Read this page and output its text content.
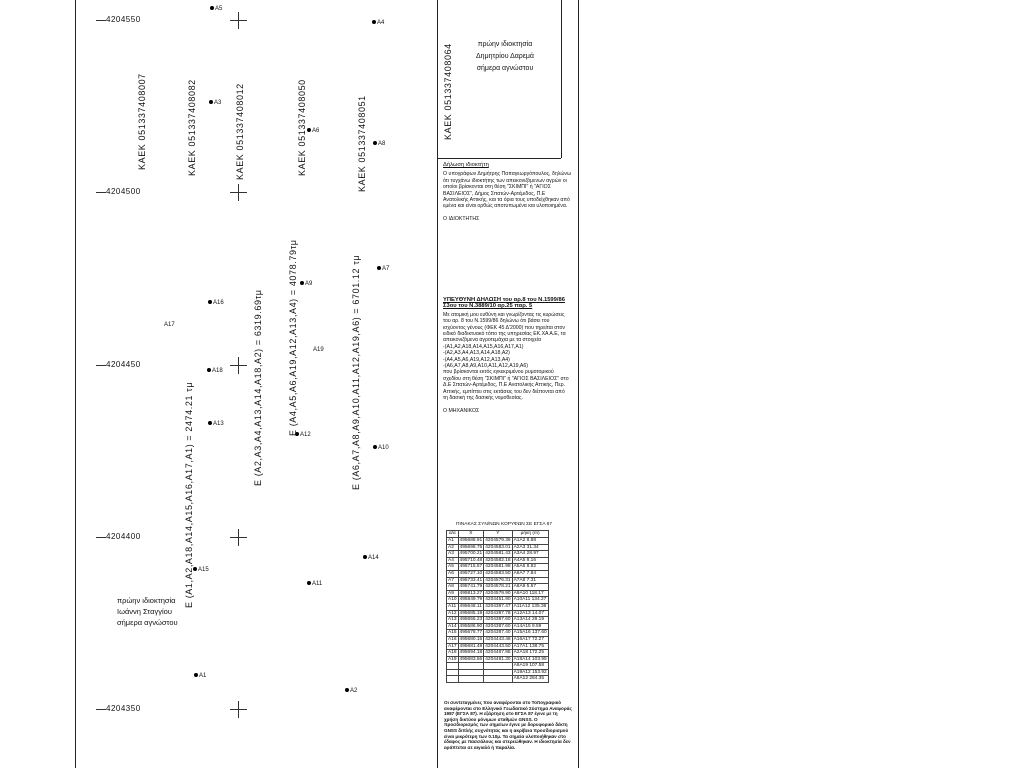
4204550
4204500
4204450
4204400
4204350
Α5
Α4
Α3
Α6
Α8
Α7
Α9
Α17
Α16
Α19
Α18
Α13
Α12
Α10
Α15
Α14
Α11
Α1
Α2
ΚΑΕΚ 051337408007	ΚΑΕΚ 051337408082	ΚΑΕΚ 051337408012	ΚΑΕΚ 051337408050	ΚΑΕΚ 051337408051
ΚΑΕΚ 051337408064
Ε (Α1,Α2,Α18,Α14,Α15,Α16,Α17,Α1) = 2474.21 τμ	Ε (Α2,Α3,Α4,Α13,Α14,Α18,Α2) = 6319.69τμ	Ε (Α4,Α5,Α6,Α19,Α12,Α13,Α4) = 4078.79τμ	Ε (Α6,Α7,Α8,Α9,Α10,Α11,Α12,Α19,Α6) = 6701.12 τμ
πρώην ιδιοκτησία
Ιωάννη Σταγγίου
σήμερα αγνώστου
πρώην ιδιοκτησία
Δημητρίου Δαρεμά
σήμερα αγνώστου
Δήλωση ιδιοκτήτη
Ο υπογράφων Δημήτρης Παπαγεωργόπουλος, δηλώνω ότι τυγχάνω ιδιοκτήτης των απεικονιζόμενων αγρών οι οποίοι βρίσκονται στη θέση "ΣΚΙΜΠΙ" ή "ΑΓΙΟΣ ΒΑΣΙΛΕΙΟΣ", Δήμος Σπατών-Αρτέμιδος, Π.Ε Ανατολικής Αττικής, και τα όρια τους υποδείχθηκαν από εμένα και είναι ορθώς αποτυπωμένα και υλοποιημένα.
Ο ΙΔΙΟΚΤΗΤΗΣ
ΥΠΕΥΘΥΝΗ ΔΗΛΩΣΗ του αρ.8 του Ν.1599/86 Σ3ου του Ν.3889/10 αρ.25 παρ. 5
Με ατομική μου ευθύνη και γνωρίζοντας τις κυρώσεις του αρ. 8 του Ν.1599/86 δηλώνω ότι βάσει του ισχύοντος γένους (ΦΕΚ 45 Δ'2000) που τηρείται στον ειδικό διαδικτυακό τόπο της υπηρεσίας ΕΚ.ΧΑ Α.Ε, τα απεικονιζόμενα αγροτεμάχια με τα στοιχεία
-(Α1,Α2,Α18,Α14,Α15,Α16,Α17,Α1)
-(Α2,Α3,Α4,Α13,Α14,Α18,Α2)
-(Α4,Α5,Α6,Α19,Α12,Α13,Α4)
-(Α6,Α7,Α8,Α9,Α10,Α11,Α12,Α19,Α6)
που βρίσκονται εκτός εγκεκριμένου ρυμοτομικού σχεδίου στη θέση "ΣΚΙΜΠΙ" ή "ΑΓΙΟΣ ΒΑΣΙΛΕΙΟΣ" στο Δ.Ε Σπατών-Αρτέμιδος, Π.Ε Ανατολικής Αττικής, Περ. Αττικής, εμπίπτει στις εκτάσεις του δεν διέπονται από τη δασική της δασικής νομοθεσίας.
Ο ΜΗΧΑΝΙΚΟΣ
ΠΙΝΑΚΑΣ ΣΥΝ/ΝΩΝ ΚΟΡΥΦΩΝ ΣΕ ΕΓΣΑ 87
α/α	Χ	Υ	μήκη (m)
Α1	495688.91	4204579.36	Α1Α2 8.88
Α2	495698.75	4204583.01	Α2Α3 31.34
Α3	495700.21	4204581.43	Α3Α4 28.97
Α4	495710.48	4204582.18	Α4Α5 8.16
Α5	495715.57	4204581.98	Α5Α6 8.82
Α6	495727.10	4204583.50	Α6Α7 7.84
Α7	495733.41	4204576.31	Α7Α8 7.31
Α8	495741.79	4204578.21	Α8Α9 5.57
Α9	495813.27	4204579.90	Α9Α10 118.17
Α10	495849.79	4204451.90	Α10Α11 134.27
Α11	495648.11	4204387.47	Α11Α12 135.36
Α12	495685.19	4204387.78	Α12Α13 14.07
Α13	495655.23	4204387.60	Α13Α14 28.19
Α14	495586.90	4204387.60	Α14Α15 9.59
Α15	495678.77	4204387.40	Α15Α16 137.60
Α16	495680.15	4204443.48	Α16Α17 72.27
Α17	495681.48	4204443.50	Α17Α1 138.75
Α18	495694.18	4204467.95	Α2Α18 172.25
Α19	495683.56	4204481.30	Α18Α14 103.95
			Α6Α19 107.58
			Α19Α12 153.92
			Α6Α12 284.35
Οι συντεταγμένες που αναφέρονται στο Τοπογραφικό αναφέρονται στο Ελληνικό Γεωδαιτικό Σύστημα Αναφοράς 1987 (ΕΓΣΑ 87). Η εξάρτηση στο ΕΓΣΑ 87 έγινε με τη χρήση δικτύου μόνιμων σταθμών GNSS. Ο προσδιορισμός των σημείων έγινε με δορυφορικό δέκτη GNSS διπλής συχνότητας και η ακρίβεια προσδιορισμού είναι μικρότερη των 0.10μ. Τα σημεία υλοποιήθηκαν στο έδαφος με πασσάλους και στερεώθηκαν. Η ιδιοκτησία δεν εφάπτεται σε αιγιαλό ή παραλία.
